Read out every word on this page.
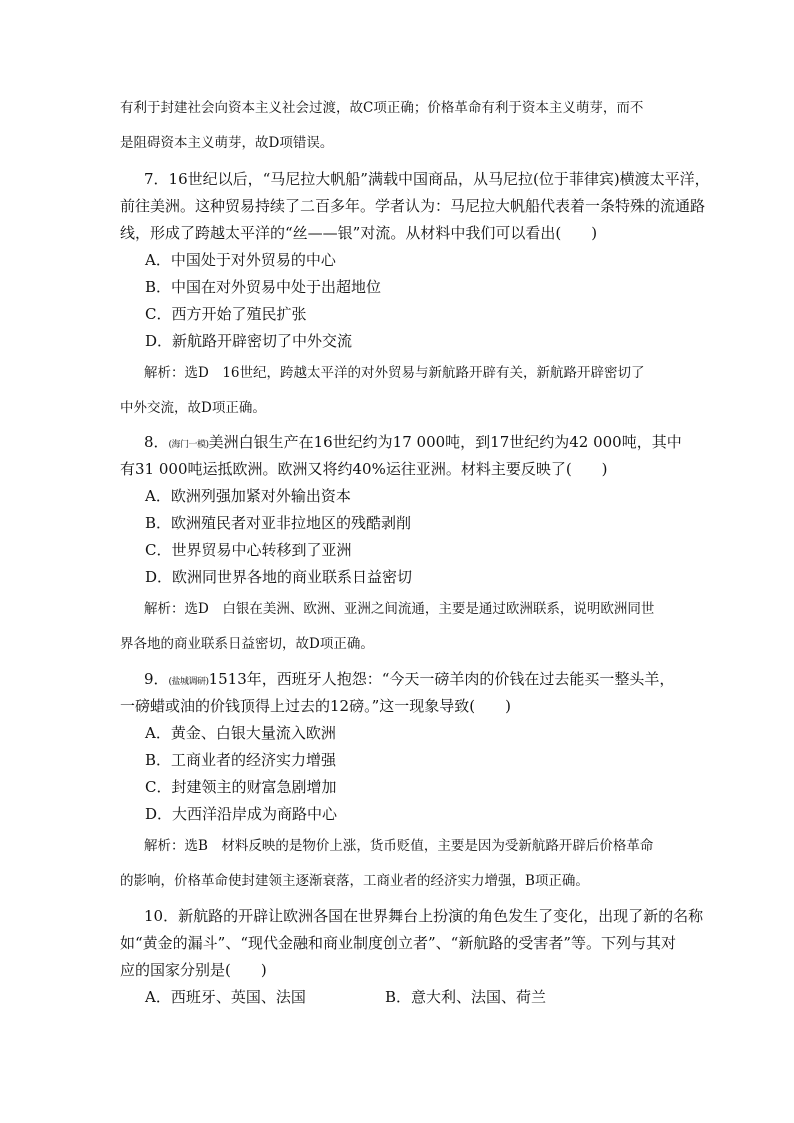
有利于封建社会向资本主义社会过渡，故C项正确；价格革命有利于资本主义萌芽，而不
是阻碍资本主义萌芽，故D项错误。
7．16世纪以后，“马尼拉大帆船”满载中国商品，从马尼拉(位于菲律宾)横渡太平洋，
前往美洲。这种贸易持续了二百多年。学者认为：马尼拉大帆船代表着一条特殊的流通路
线，形成了跨越太平洋的“丝——银”对流。从材料中我们可以看出(　　)
A．中国处于对外贸易的中心
B．中国在对外贸易中处于出超地位
C．西方开始了殖民扩张
D．新航路开辟密切了中外交流
解析：选D　16世纪，跨越太平洋的对外贸易与新航路开辟有关，新航路开辟密切了
中外交流，故D项正确。
8．(海门一模)美洲白银生产在16世纪约为17 000吨，到17世纪约为42 000吨，其中
有31 000吨运抵欧洲。欧洲又将约40%运往亚洲。材料主要反映了(　　)
A．欧洲列强加紧对外输出资本
B．欧洲殖民者对亚非拉地区的残酷剥削
C．世界贸易中心转移到了亚洲
D．欧洲同世界各地的商业联系日益密切
解析：选D　白银在美洲、欧洲、亚洲之间流通，主要是通过欧洲联系，说明欧洲同世
界各地的商业联系日益密切，故D项正确。
9．(盐城调研)1513年，西班牙人抱怨：“今天一磅羊肉的价钱在过去能买一整头羊，
一磅蜡或油的价钱顶得上过去的12磅。”这一现象导致(　　)
A．黄金、白银大量流入欧洲
B．工商业者的经济实力增强
C．封建领主的财富急剧增加
D．大西洋沿岸成为商路中心
解析：选B　材料反映的是物价上涨，货币贬值，主要是因为受新航路开辟后价格革命
的影响，价格革命使封建领主逐渐衰落，工商业者的经济实力增强，B项正确。
10．新航路的开辟让欧洲各国在世界舞台上扮演的角色发生了变化，出现了新的名称
如“黄金的漏斗”、“现代金融和商业制度创立者”、“新航路的受害者”等。下列与其对
应的国家分别是(　　)
A．西班牙、英国、法国	B．意大利、法国、荷兰
